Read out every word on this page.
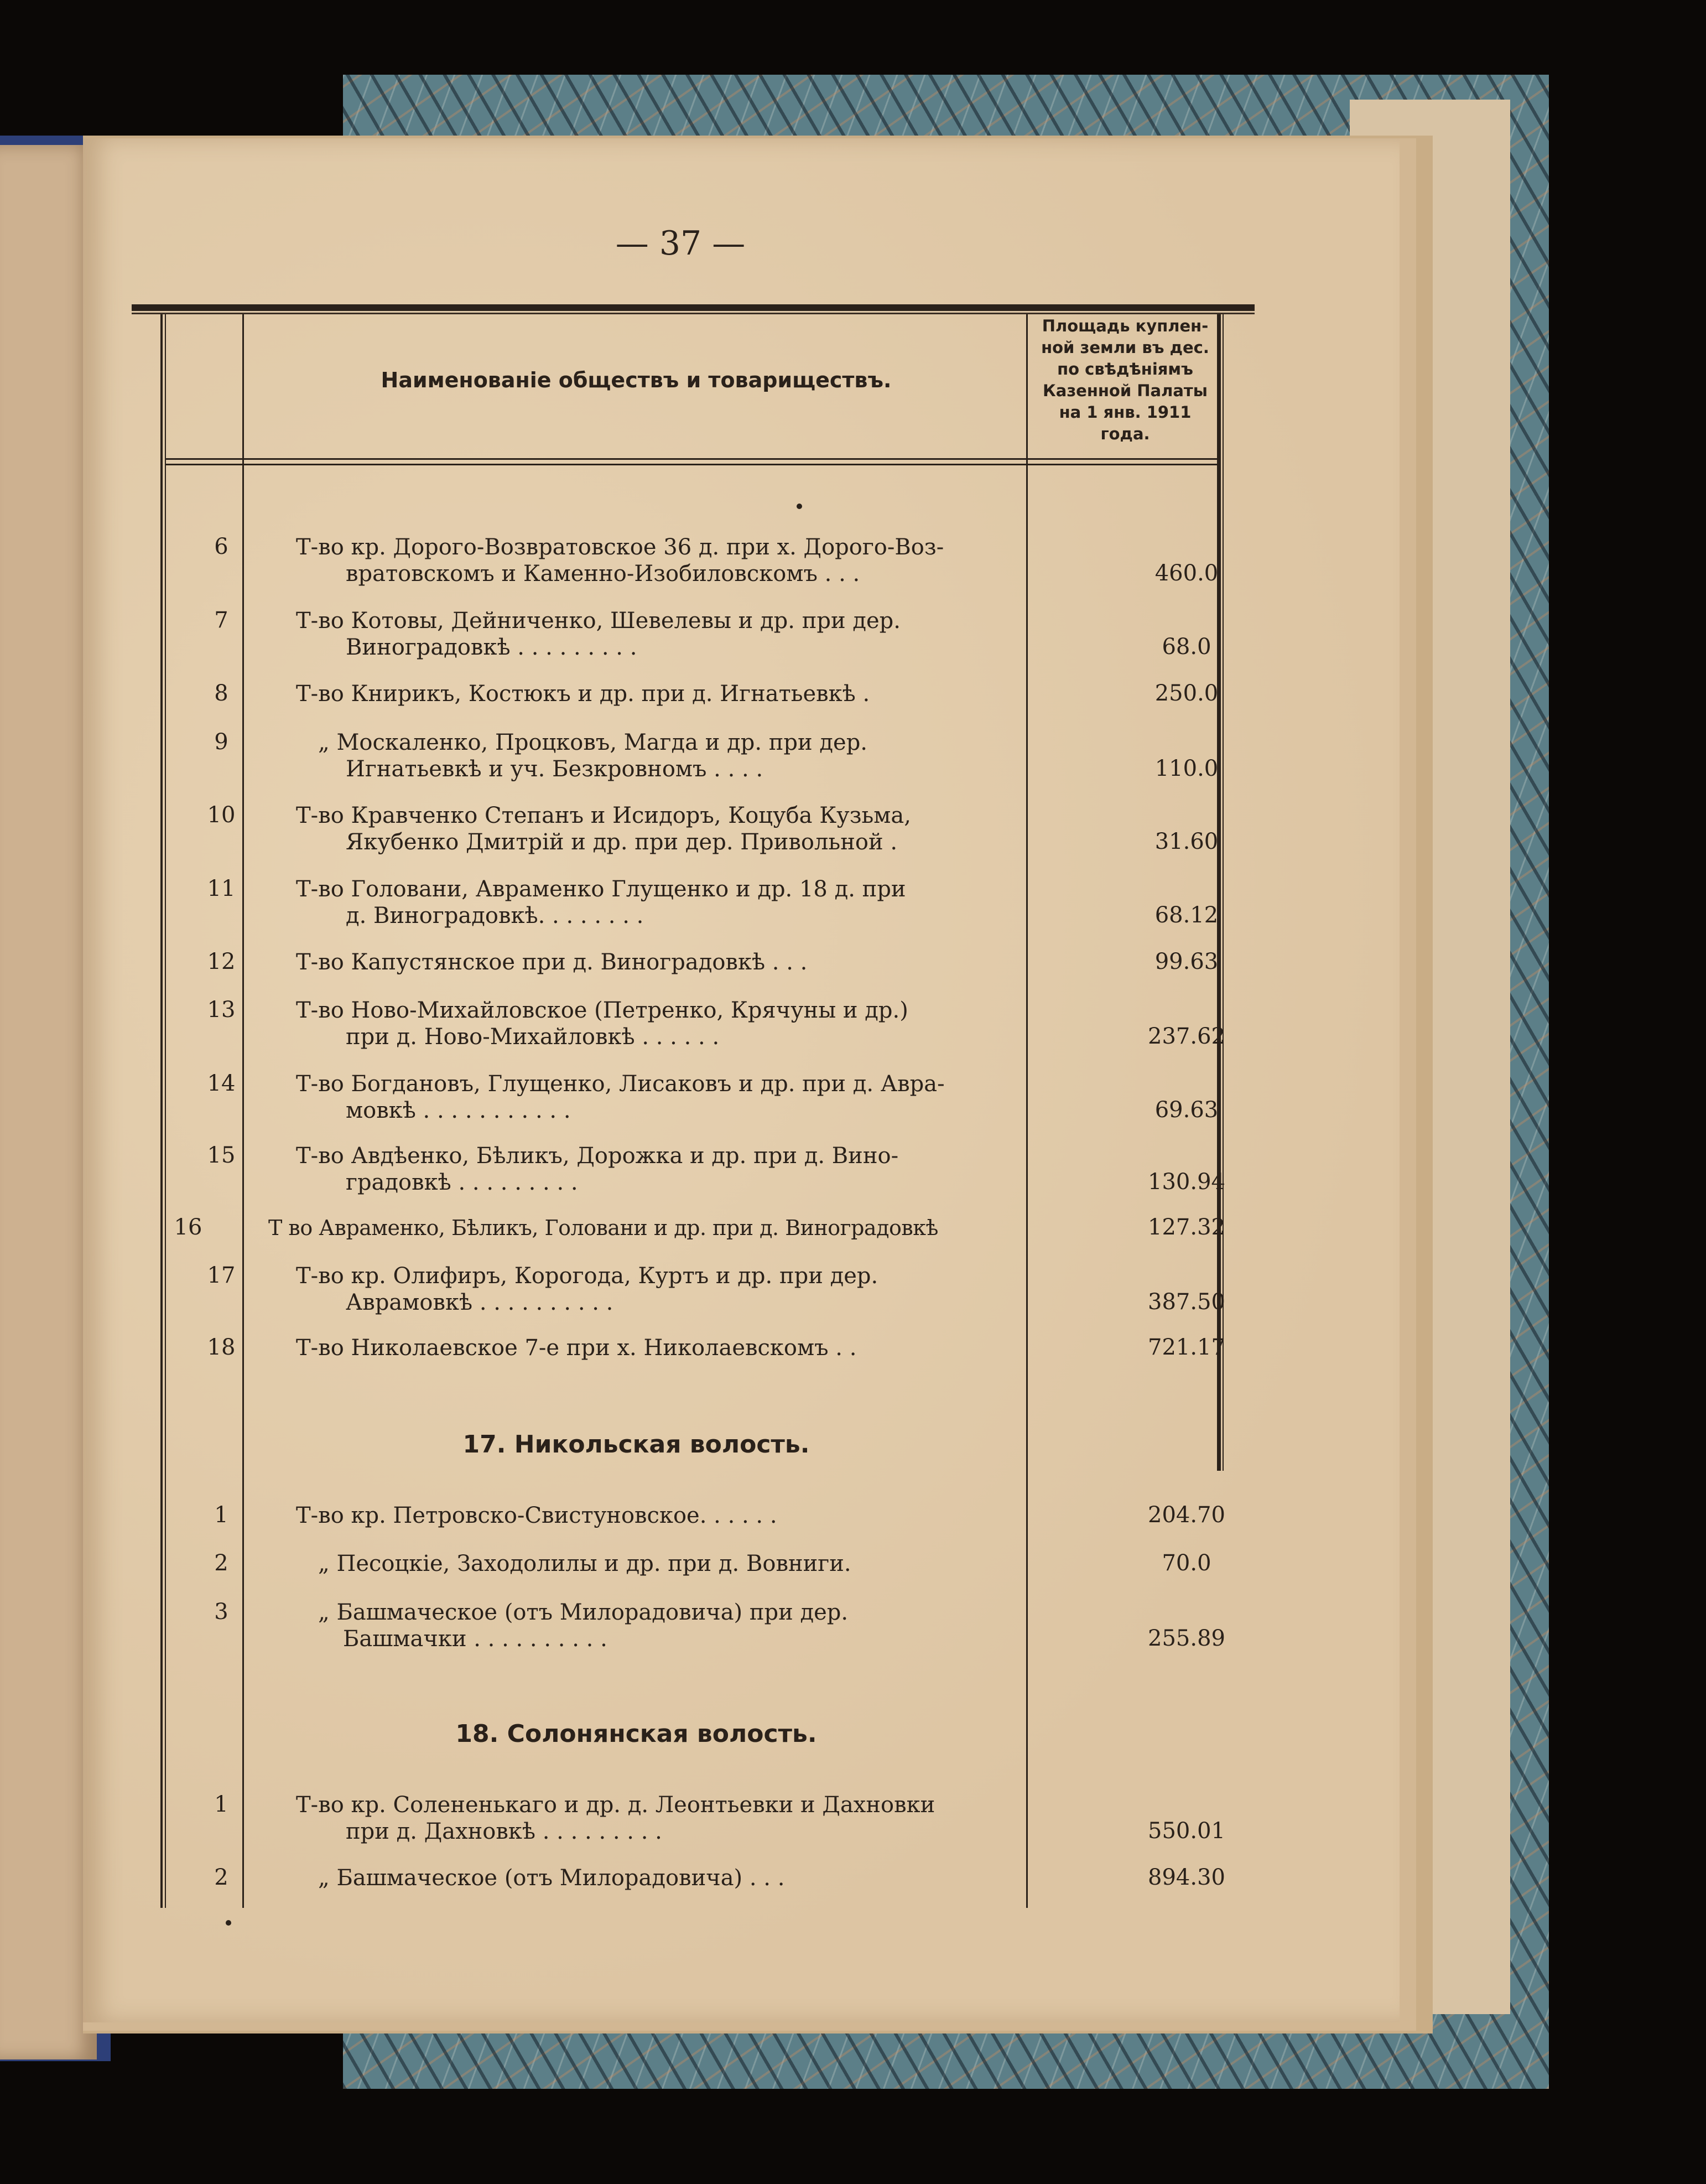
— 37 —
Наименованіе обществъ и товариществъ.
Площадь куплен-
ной земли въ дес.
по свѣдѣніямъ
Казенной Палаты
на 1 янв. 1911
года.
6	Т-во кр. Дорого-Возвратовское 36 д. при х. Дорого-Воз-
вратовскомъ и Каменно-Изобиловскомъ . . .	460.0
7	Т-во Котовы, Дейниченко, Шевелевы и др. при дер.
Виноградовкѣ . . . . . . . . .	68.0
8	Т-во Книрикъ, Костюкъ и др. при д. Игнатьевкѣ .	250.0
9	„ Москаленко, Процковъ, Магда и др. при дер.
Игнатьевкѣ и уч. Безкровномъ . . . .	110.0
10	Т-во Кравченко Степанъ и Исидоръ, Коцуба Кузьма,
Якубенко Дмитрій и др. при дер. Привольной .	31.60
11	Т-во Головани, Авраменко Глущенко и др. 18 д. при
д. Виноградовкѣ. . . . . . . .	68.12
12	Т-во Капустянское при д. Виноградовкѣ . . .	99.63
13	Т-во Ново-Михайловское (Петренко, Крячуны и др.)
при д. Ново-Михайловкѣ . . . . . .	237.62
14	Т-во Богдановъ, Глущенко, Лисаковъ и др. при д. Авра-
мовкѣ . . . . . . . . . . .	69.63
15	Т-во Авдѣенко, Бѣликъ, Дорожка и др. при д. Вино-
градовкѣ . . . . . . . . .	130.94
16	Т во Авраменко, Бѣликъ, Головани и др. при д. Виноградовкѣ	127.32
17	Т-во кр. Олифиръ, Корогода, Куртъ и др. при дер.
Аврамовкѣ . . . . . . . . . .	387.50
18	Т-во Николаевское 7-е при х. Николаевскомъ . .	721.17
17. Никольская волость.
1	Т-во кр. Петровско-Свистуновское. . . . . .	204.70
2	„ Песоцкіе, Заходолилы и др. при д. Вовниги.	70.0
3	„ Башмаческое (отъ Милорадовича) при дер.
Башмачки . . . . . . . . . .	255.89
18. Солонянская волость.
1	Т-во кр. Солененькаго и др. д. Леонтьевки и Дахновки
при д. Дахновкѣ . . . . . . . . .	550.01
2	„ Башмаческое (отъ Милорадовича) . . .	894.30
